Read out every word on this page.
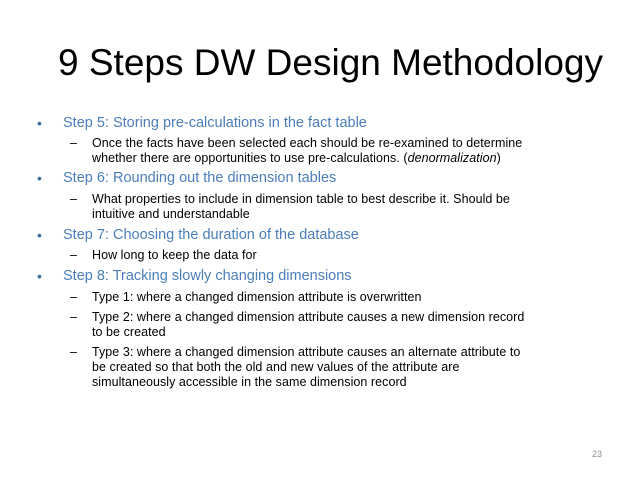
9 Steps DW Design Methodology
• Step 5: Storing pre-calculations in the fact table
– Once the facts have been selected each should be re-examined to determine
whether there are opportunities to use pre-calculations. (denormalization)
• Step 6: Rounding out the dimension tables
– What properties to include in dimension table to best describe it. Should be
intuitive and understandable
• Step 7: Choosing the duration of the database
– How long to keep the data for
• Step 8: Tracking slowly changing dimensions
– Type 1: where a changed dimension attribute is overwritten
– Type 2: where a changed dimension attribute causes a new dimension record
to be created
– Type 3: where a changed dimension attribute causes an alternate attribute to
be created so that both the old and new values of the attribute are
simultaneously accessible in the same dimension record
23
